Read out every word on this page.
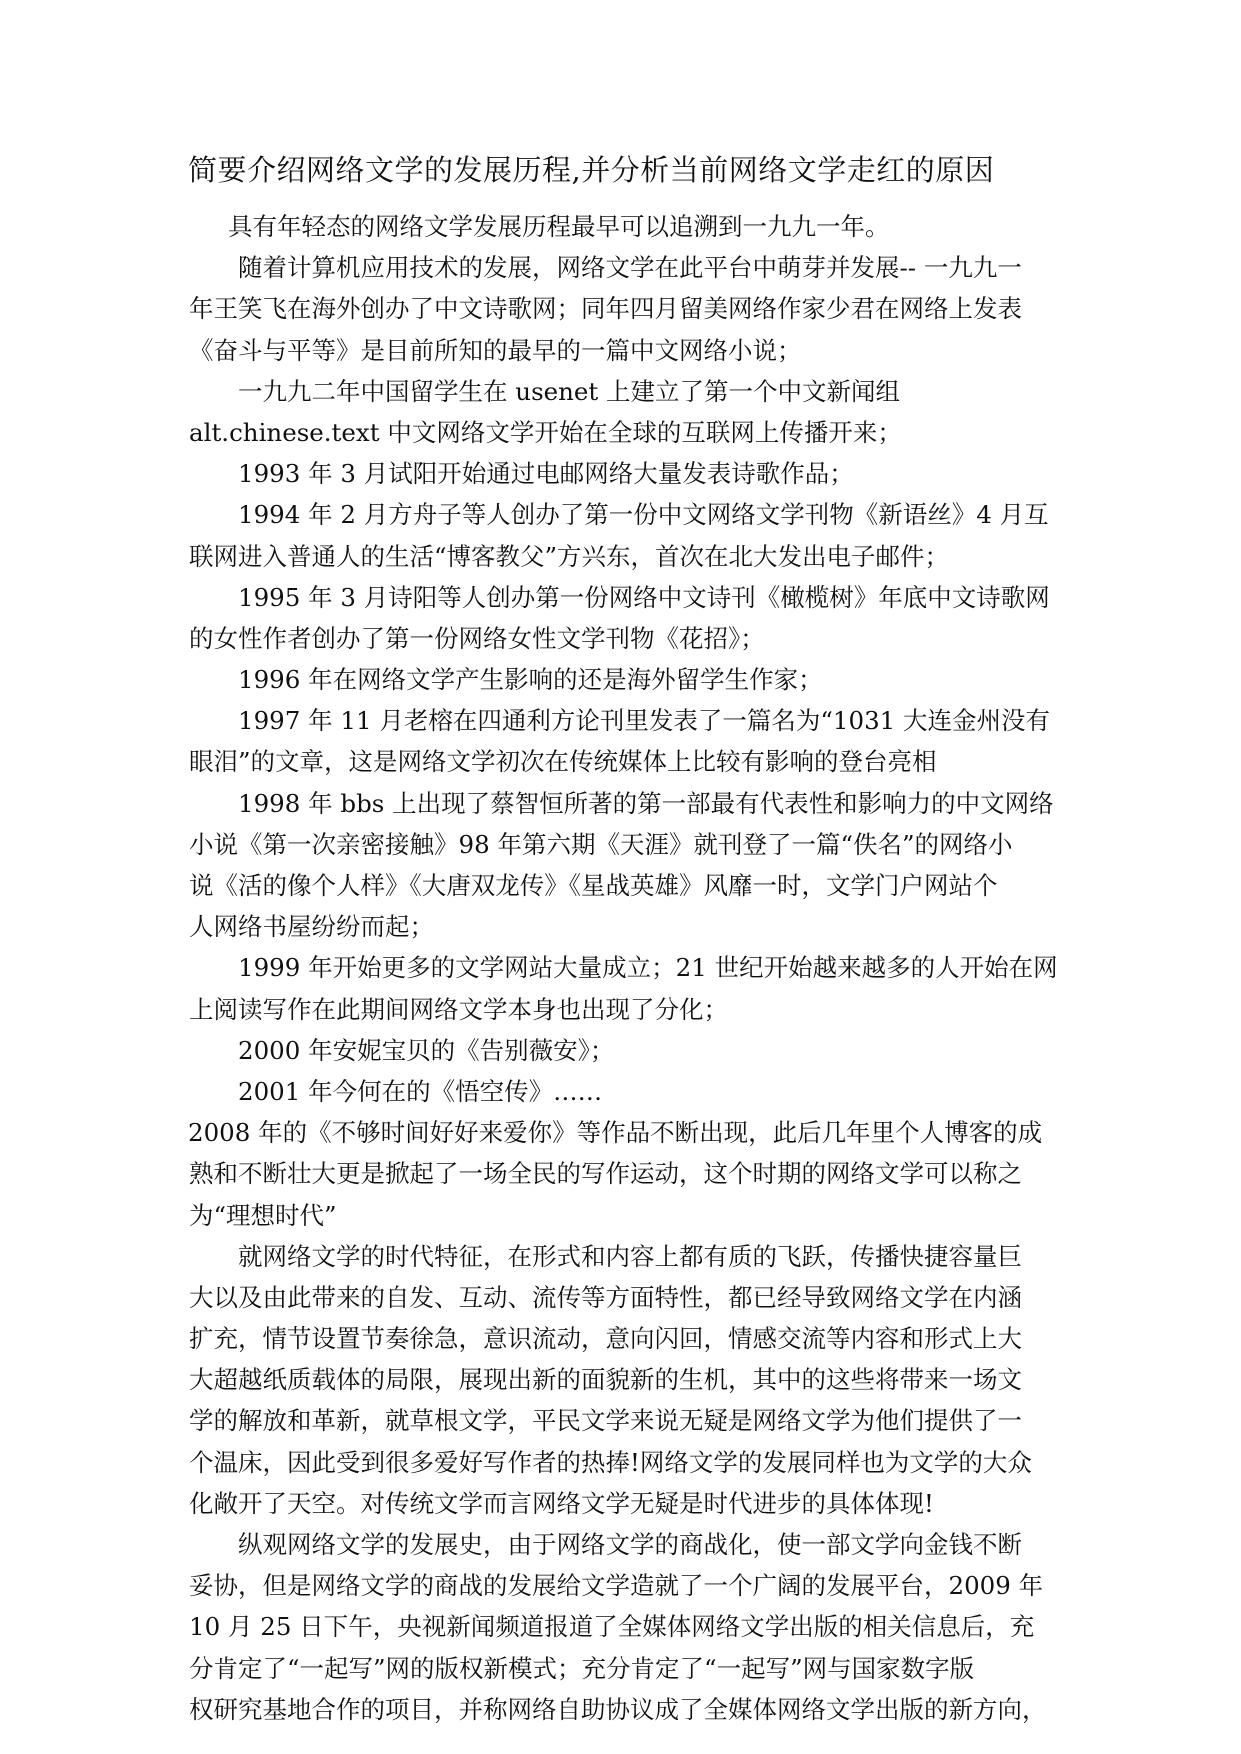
简要介绍网络文学的发展历程,并分析当前网络文学走红的原因

具有年轻态的网络文学发展历程最早可以追溯到一九九一年。

随着计算机应用技术的发展，网络文学在此平台中萌芽并发展-- 一九九一

年王笑飞在海外创办了中文诗歌网；同年四月留美网络作家少君在网络上发表

《奋斗与平等》是目前所知的最早的一篇中文网络小说；

一九九二年中国留学生在 usenet 上建立了第一个中文新闻组

alt.chinese.text 中文网络文学开始在全球的互联网上传播开来；

1993 年 3 月试阳开始通过电邮网络大量发表诗歌作品；

1994 年 2 月方舟子等人创办了第一份中文网络文学刊物《新语丝》4 月互

联网进入普通人的生活“博客教父”方兴东，首次在北大发出电子邮件；

1995 年 3 月诗阳等人创办第一份网络中文诗刊《橄榄树》年底中文诗歌网

的女性作者创办了第一份网络女性文学刊物《花招》；

1996 年在网络文学产生影响的还是海外留学生作家；

1997 年 11 月老榕在四通利方论刊里发表了一篇名为“1031 大连金州没有

眼泪”的文章，这是网络文学初次在传统媒体上比较有影响的登台亮相

1998 年 bbs 上出现了蔡智恒所著的第一部最有代表性和影响力的中文网络

小说《第一次亲密接触》98 年第六期《天涯》就刊登了一篇“佚名”的网络小

说《活的像个人样》《大唐双龙传》《星战英雄》风靡一时，文学门户网站个

人网络书屋纷纷而起；

1999 年开始更多的文学网站大量成立；21 世纪开始越来越多的人开始在网

上阅读写作在此期间网络文学本身也出现了分化；

2000 年安妮宝贝的《告别薇安》；

2001 年今何在的《悟空传》……

2008 年的《不够时间好好来爱你》等作品不断出现，此后几年里个人博客的成

熟和不断壮大更是掀起了一场全民的写作运动，这个时期的网络文学可以称之

为“理想时代”

就网络文学的时代特征，在形式和内容上都有质的飞跃，传播快捷容量巨

大以及由此带来的自发、互动、流传等方面特性，都已经导致网络文学在内涵

扩充，情节设置节奏徐急，意识流动，意向闪回，情感交流等内容和形式上大

大超越纸质载体的局限，展现出新的面貌新的生机，其中的这些将带来一场文

学的解放和革新，就草根文学，平民文学来说无疑是网络文学为他们提供了一

个温床，因此受到很多爱好写作者的热捧!网络文学的发展同样也为文学的大众

化敞开了天空。对传统文学而言网络文学无疑是时代进步的具体体现!

纵观网络文学的发展史，由于网络文学的商战化，使一部文学向金钱不断

妥协，但是网络文学的商战的发展给文学造就了一个广阔的发展平台，2009 年

10 月 25 日下午，央视新闻频道报道了全媒体网络文学出版的相关信息后，充

分肯定了“一起写”网的版权新模式；充分肯定了“一起写”网与国家数字版

权研究基地合作的项目，并称网络自助协议成了全媒体网络文学出版的新方向，
